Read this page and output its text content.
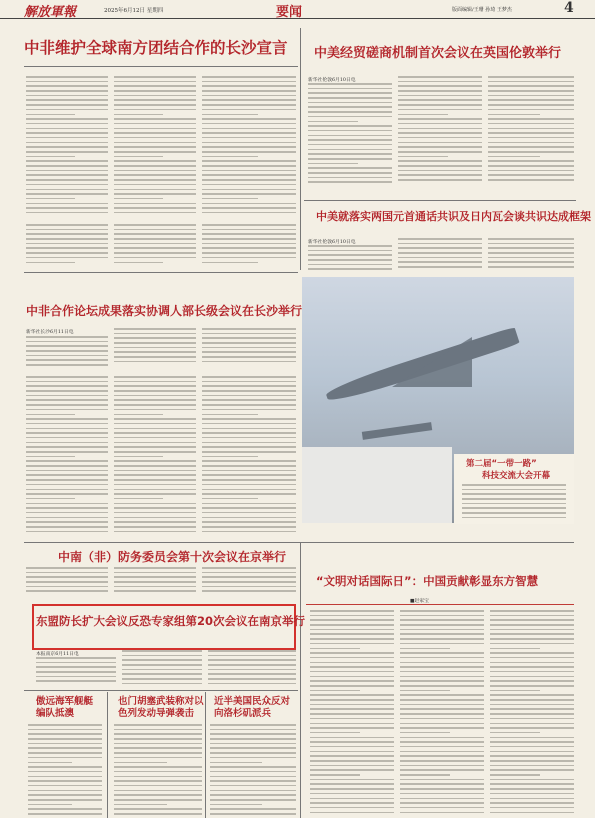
解放軍報	2025年6月12日 星期四	要闻	版面编辑/王珊 孙琦 王梦杰	4
中非维护全球南方团结合作的长沙宣言 中美经贸磋商机制首次会议在英国伦敦举行
新华社伦敦6月10日电
中美就落实两国元首通话共识及日内瓦会谈共识达成框架
新华社伦敦6月10日电
中非合作论坛成果落实协调人部长级会议在长沙举行
新华社长沙6月11日电
第二届“一带一路”
科技交流大会开幕
中南（非）防务委员会第十次会议在京举行
东盟防长扩大会议反恐专家组第20次会议在南京举行
本报南京6月11日电
傲远海军舰艇编队抵澳
也门胡塞武装称对以色列发动导弹袭击
近半美国民众反对向洛杉矶派兵
“文明对话国际日”：中国贡献彰显东方智慧
■赵家宝
